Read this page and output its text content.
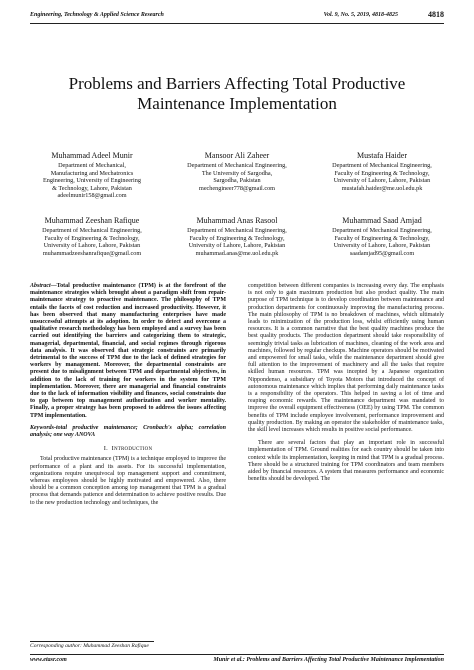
Engineering, Technology & Applied Science Research	Vol. 9, No. 5, 2019, 4818-4825	4818
Problems and Barriers Affecting Total Productive
Maintenance Implementation
Muhammad Adeel Munir
Department of Mechanical,
Manufacturing and Mechatronics
Engineering, University of Engineering
& Technology, Lahore, Pakistan
adeelmunir158@gmail.com
Mansoor Ali Zaheer
Department of Mechanical Engineering,
The University of Sargodha,
Sargodha, Pakistan
mechengineer778@gmail.com
Mustafa Haider
Department of Mechanical Engineering,
Faculty of Engineering & Technology,
University of Lahore, Lahore, Pakistan
mustafah.haider@me.uol.edu.pk
Muhammad Zeeshan Rafique
Department of Mechanical Engineering,
Faculty of Engineering & Technology,
University of Lahore, Lahore, Pakistan
muhammadzeeshanrafique@gmail.com
Muhammad Anas Rasool
Department of Mechanical Engineering,
Faculty of Engineering & Technology,
University of Lahore, Lahore, Pakistan
muhammad.anas@me.uol.edu.pk
Muhammad Saad Amjad
Department of Mechanical Engineering,
Faculty of Engineering & Technology,
University of Lahore, Lahore, Pakistan
saadamjad95@gmail.com

Abstract—Total productive maintenance (TPM) is at the forefront of the maintenance strategies which brought about a paradigm shift from repair-maintenance strategy to proactive maintenance. The philosophy of TPM entails the facets of cost reduction and increased productivity. However, it has been observed that many manufacturing enterprises have made unsuccessful attempts at its adoption. In order to detect and overcome a qualitative research methodology has been employed and a survey has been carried out identifying the barriers and categorizing them to strategic, managerial, departmental, financial, and social regimes through rigorous data analysis. It was observed that strategic constraints are primarily detrimental to the success of TPM due to the lack of defined strategies for workers by management. Moreover, the departmental constraints are present due to misalignment between TPM and departmental objectives, in addition to the lack of training for workers in the system for TPM implementation. Moreover, there are managerial and financial constraints due to the lack of information visibility and finances, social constraints due to gap between top management authorization and worker mentality. Finally, a proper strategy has been proposed to address the issues affecting TPM implementation.

Keywords-total productive maintenance; Cronbach's alpha; correlation analysis; one way ANOVA

I. Introduction

Total productive maintenance (TPM) is a technique employed to improve the performance of a plant and its assets. For its successful implementation, organizations require unequivocal top management support and commitment, whereas employees should be highly motivated and empowered. Also, there should be a common conception among top management that TPM is a gradual process that demands patience and determination to achieve positive results. Due to the new production technology and techniques, the

competition between different companies is increasing every day. The emphasis is not only to gain maximum production but also product quality. The main purpose of TPM technique is to develop coordination between maintenance and production departments for continuously improving the manufacturing process. The main philosophy of TPM is no breakdown of machines, which ultimately leads to minimization of the production loss, whilst efficiently using human resources. It is a common narrative that the best quality machines produce the best quality products. The production department should take responsibility of seemingly trivial tasks as lubrication of machines, cleaning of the work area and machines, followed by regular checkups. Machine operators should be motivated and empowered for small tasks, while the maintenance department should give full attention to the improvement of machinery and all the tasks that require skilled human resources. TPM was incepted by a Japanese organization Nippondenso, a subsidiary of Toyota Motors that introduced the concept of autonomous maintenance which implies that performing daily maintenance tasks is a responsibility of the operators. This helped in saving a lot of time and reaping economic rewards. The maintenance department was mandated to improve the overall equipment effectiveness (OEE) by using TPM. The common benefits of TPM include employee involvement, performance improvement and quality production. By making an operator the stakeholder of maintenance tasks, the skill level increases which results in positive social performance.

There are several factors that play an important role in successful implementation of TPM. Ground realities for each country should be taken into context while its implementation, keeping in mind that TPM is a gradual process. There should be a structured training for TPM coordinators and team members aided by financial resources. A system that measures performance and economic benefits should be developed. The

Corresponding author: Muhammad Zeeshan Rafique
www.etasr.com	Munir et al.: Problems and Barriers Affecting Total Productive Maintenance Implementation
